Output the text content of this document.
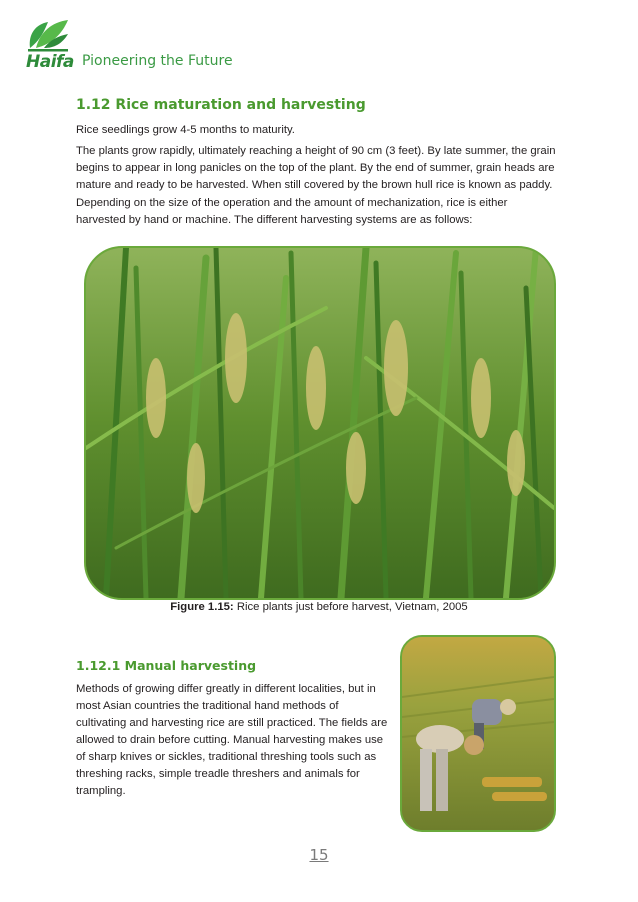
Haifa Pioneering the Future
1.12 Rice maturation and harvesting

Rice seedlings grow 4-5 months to maturity.

The plants grow rapidly, ultimately reaching a height of 90 cm (3 feet). By late summer, the grain begins to appear in long panicles on the top of the plant. By the end of summer, grain heads are mature and ready to be harvested. When still covered by the brown hull rice is known as paddy.

Depending on the size of the operation and the amount of mechanization, rice is either harvested by hand or machine. The different harvesting systems are as follows:

Figure 1.15: Rice plants just before harvest, Vietnam, 2005
1.12.1 Manual harvesting

Methods of growing differ greatly in different localities, but in most Asian countries the traditional hand methods of cultivating and harvesting rice are still practiced. The fields are allowed to drain before cutting. Manual harvesting makes use of sharp knives or sickles, traditional threshing tools such as threshing racks, simple treadle threshers and animals for trampling.

15
